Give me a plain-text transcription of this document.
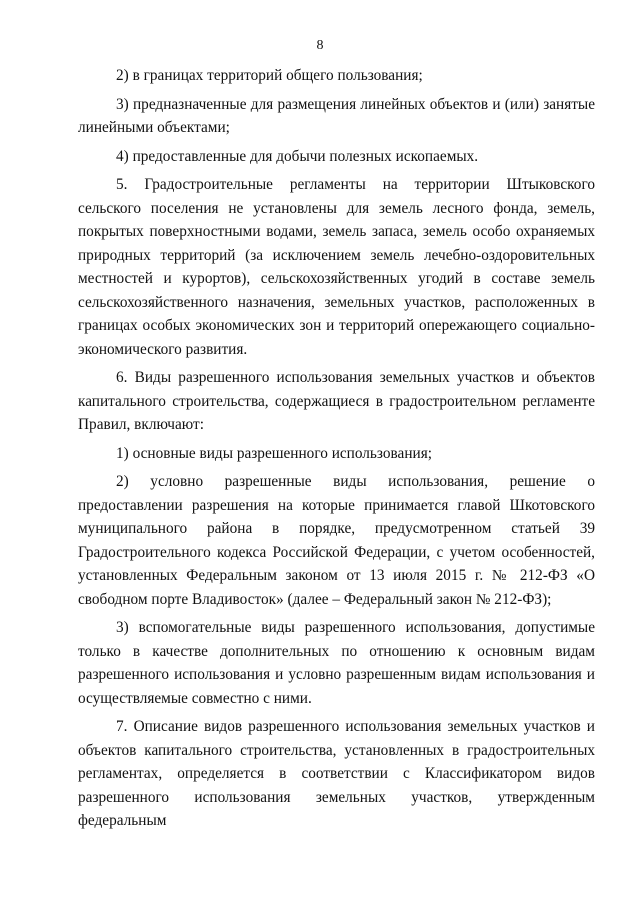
8

2) в границах территорий общего пользования;

3) предназначенные для размещения линейных объектов и (или) занятые линейными объектами;

4) предоставленные для добычи полезных ископаемых.

5. Градостроительные регламенты на территории Штыковского сельского поселения не установлены для земель лесного фонда, земель, покрытых поверхностными водами, земель запаса, земель особо охраняемых природных территорий (за исключением земель лечебно-оздоровительных местностей и курортов), сельскохозяйственных угодий в составе земель сельскохозяйственного назначения, земельных участков, расположенных в границах особых экономических зон и территорий опережающего социально-экономического развития.

6. Виды разрешенного использования земельных участков и объектов капитального строительства, содержащиеся в градостроительном регламенте Правил, включают:

1) основные виды разрешенного использования;

2) условно разрешенные виды использования, решение о предоставлении разрешения на которые принимается главой Шкотовского муниципального района в порядке, предусмотренном статьей 39 Градостроительного кодекса Российской Федерации, с учетом особенностей, установленных Федеральным законом от 13 июля 2015 г. № 212-ФЗ «О свободном порте Владивосток» (далее – Федеральный закон № 212-ФЗ);

3) вспомогательные виды разрешенного использования, допустимые только в качестве дополнительных по отношению к основным видам разрешенного использования и условно разрешенным видам использования и осуществляемые совместно с ними.

7. Описание видов разрешенного использования земельных участков и объектов капитального строительства, установленных в градостроительных регламентах, определяется в соответствии с Классификатором видов разрешенного использования земельных участков, утвержденным федеральным
